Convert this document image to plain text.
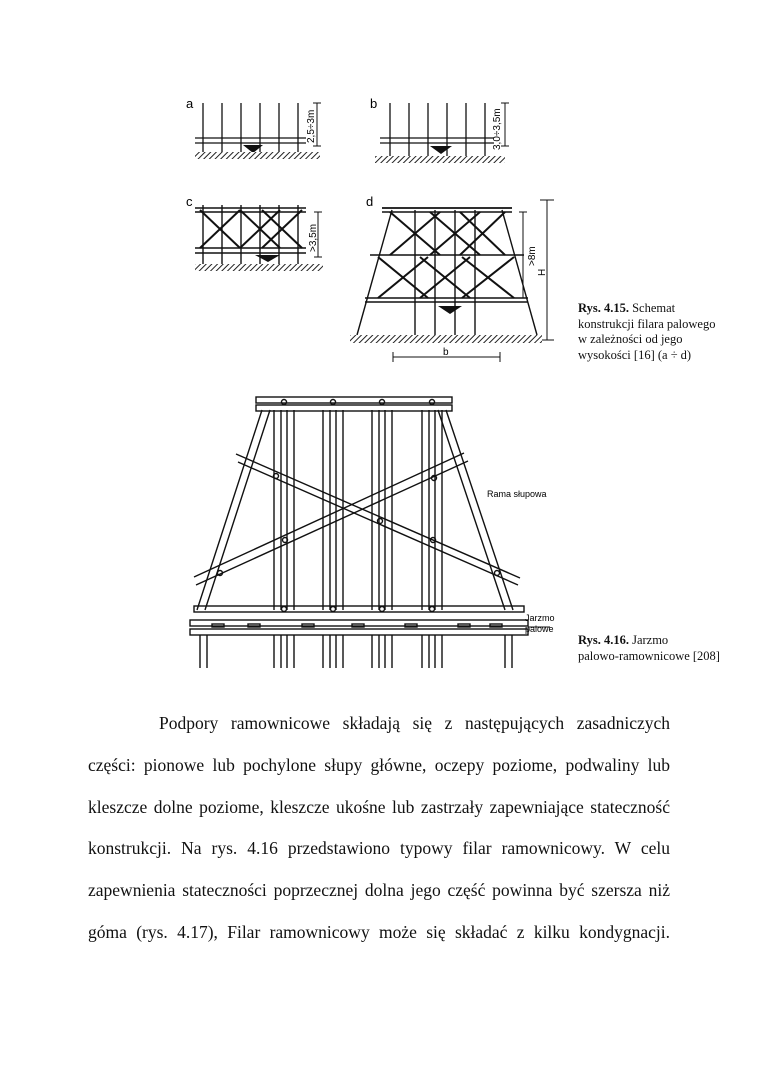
a
2,5÷3m
b
3,0÷3,5m
c
>3,5m
d
>8m
H
b
Rys. 4.15. Schemat
konstrukcji filara palowego
w zależności od jego
wysokości [16] (a ÷ d)
Rama słupowa
Jarzmo
palowe
Rys. 4.16. Jarzmo
palowo-ramownicowe [208]
Podpory ramownicowe składają się z następujących zasadniczych
części: pionowe lub pochylone słupy główne, oczepy poziome, podwaliny lub
kleszcze dolne poziome, kleszcze ukośne lub zastrzały zapewniające stateczność
konstrukcji. Na rys. 4.16 przedstawiono typowy filar ramownicowy. W celu
zapewnienia stateczności poprzecznej dolna jego część powinna być szersza niż
góma (rys. 4.17), Filar ramownicowy może się składać z kilku kondygnacji.
